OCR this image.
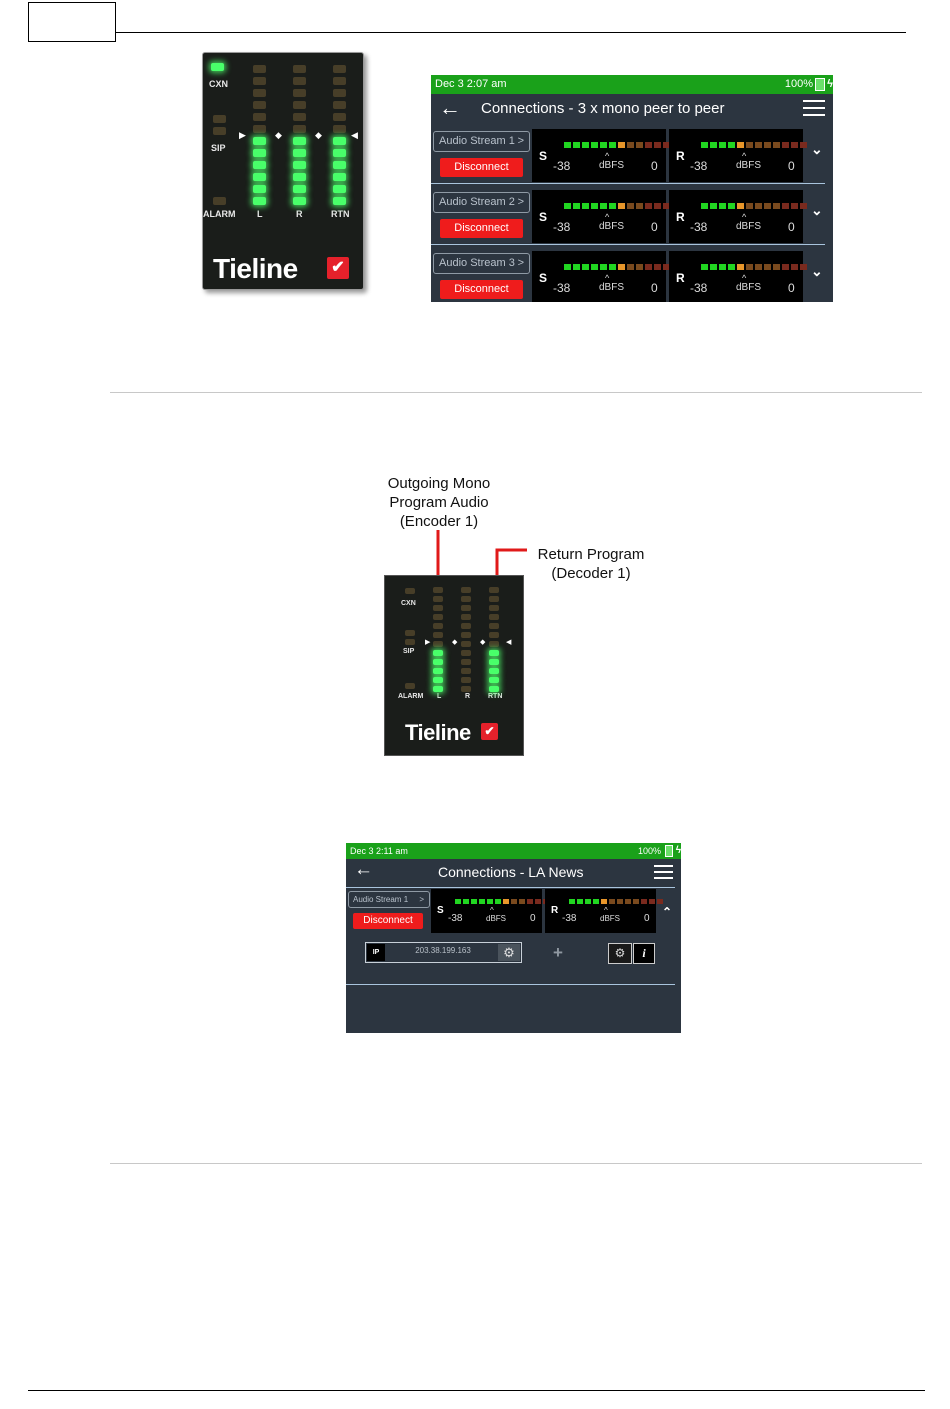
CXN
SIP
ALARM L	R	RTN
▶	◆	◆	◀
Tieline ✔
Dec 3 2:07 am	100% ϟ
← Connections - 3 x mono peer to peer
Audio Stream 1 >
Disconnect
S
-38
^
dBFS 0
R
-38
^
dBFS 0
⌄
Audio Stream 2 >
Disconnect
S
-38
^
dBFS 0
R
-38
^
dBFS 0
⌄
Audio Stream 3 >
Disconnect
S
-38
^
dBFS 0
R
-38
^
dBFS 0
⌄
Outgoing Mono
Program Audio
(Encoder 1)
Return Program
(Decoder 1)
CXN
SIP
ALARM L	R	RTN
▶	◆	◆	◀
Tieline ✔
Dec 3 2:11 am	100% ϟ
←	Connections - LA News
Audio Stream 1 >
Disconnect
S
-38
^
dBFS 0
R
-38
^
dBFS 0 ⌃
IP	203.38.199.163	⚙	+	⚙	i
